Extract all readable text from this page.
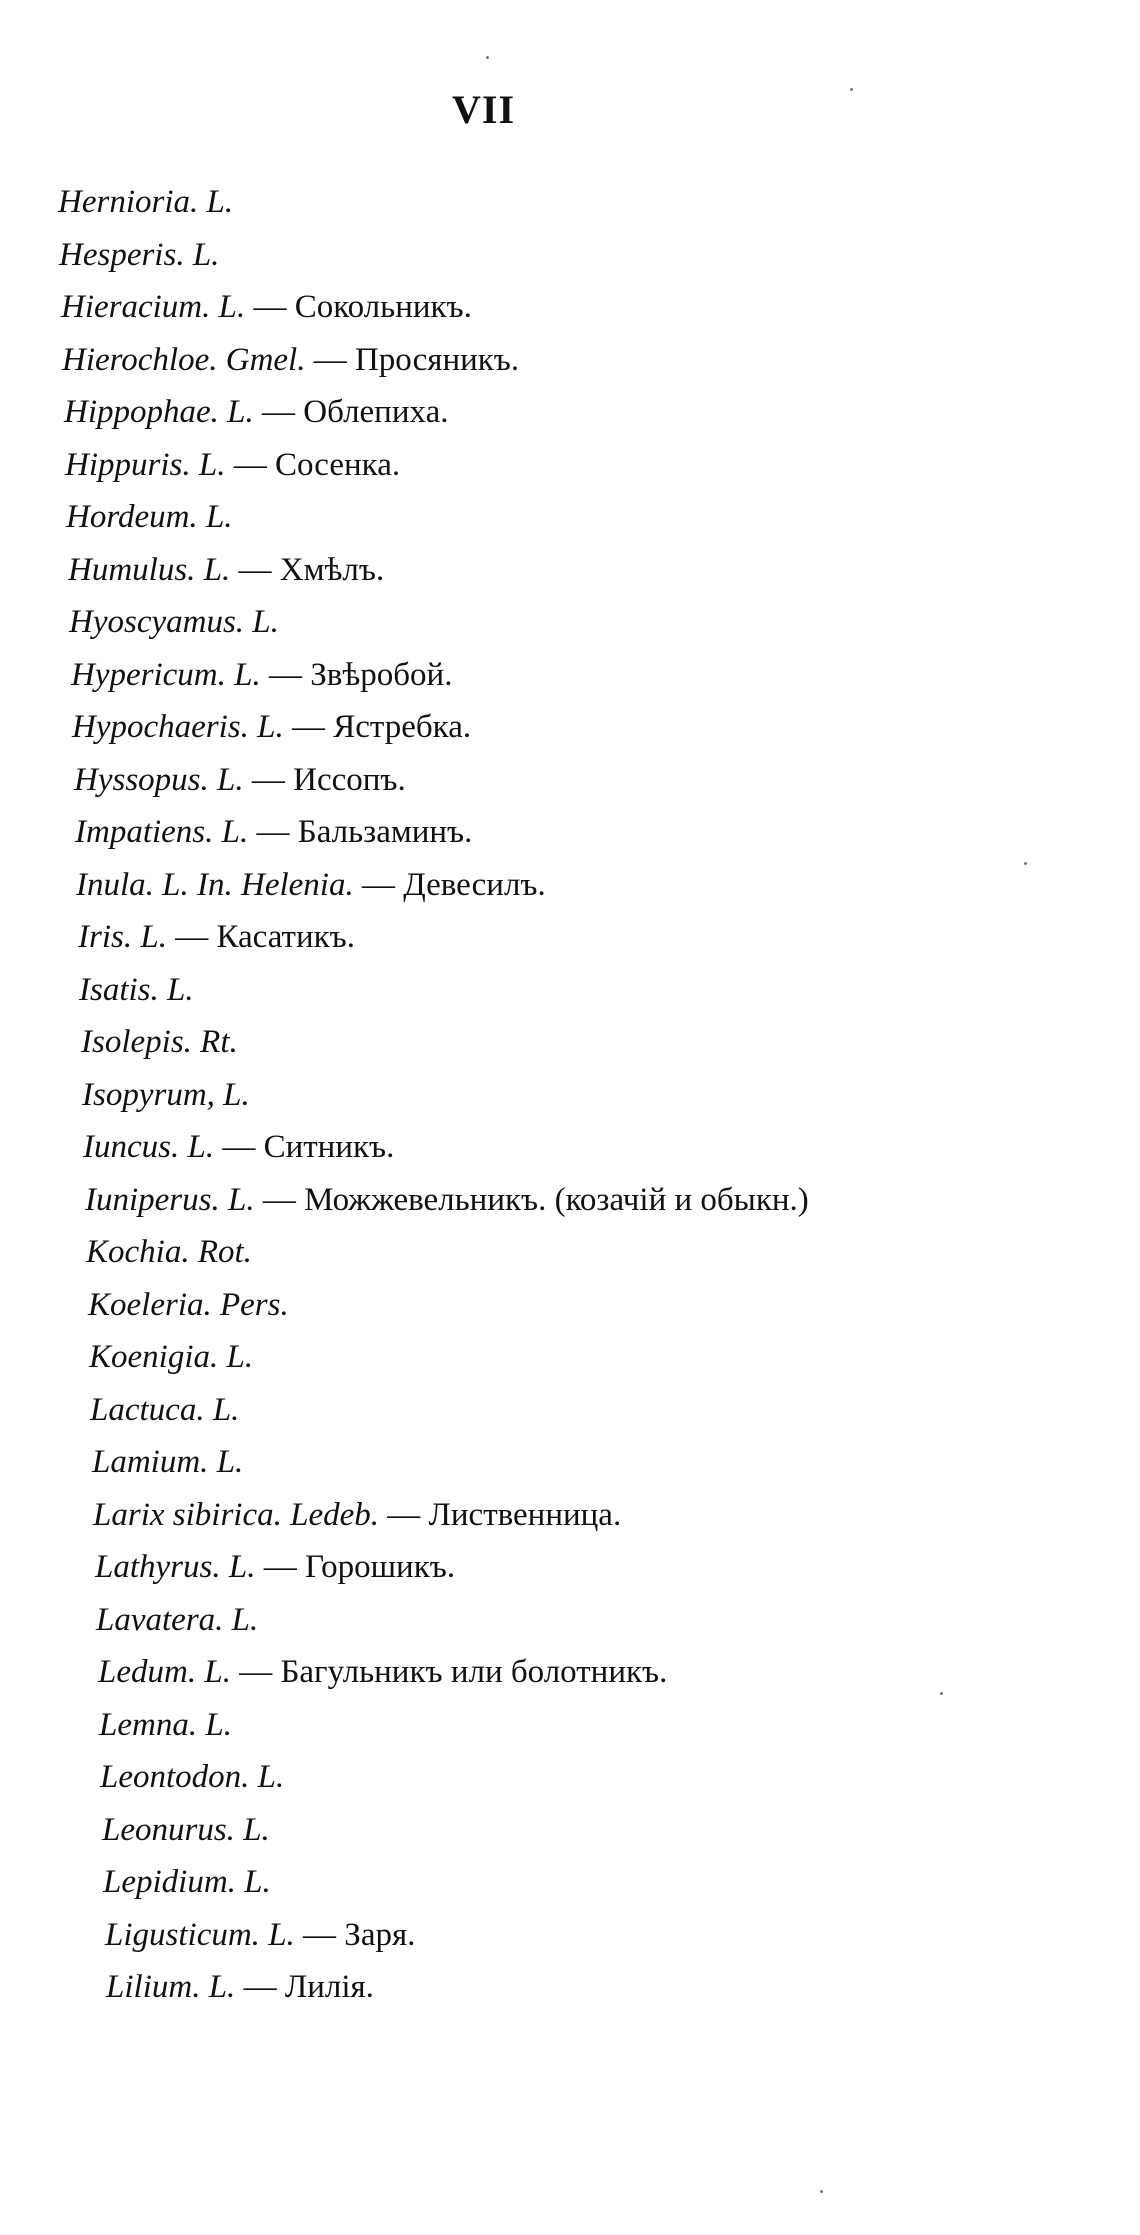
VII
Hernioria. L.
Hesperis. L.
Hieracium. L. — Сокольникъ.
Hierochloe. Gmel. — Просяникъ.
Hippophae. L. — Облепиха.
Hippuris. L. — Сосенка.
Hordeum. L.
Humulus. L. — Хмѣлъ.
Hyoscyamus. L.
Hypericum. L. — Звѣробой.
Hypochaeris. L. — Ястребка.
Hyssopus. L. — Иссопъ.
Impatiens. L. — Бальзаминъ.
Inula. L. In. Helenia. — Девесилъ.
Iris. L. — Касатикъ.
Isatis. L.
Isolepis. Rt.
Isopyrum, L.
Iuncus. L. — Ситникъ.
Iuniperus. L. — Можжевельникъ. (козачій и обыкн.)
Kochia. Rot.
Koeleria. Pers.
Koenigia. L.
Lactuca. L.
Lamium. L.
Larix sibirica. Ledeb. — Лиственница.
Lathyrus. L. — Горошикъ.
Lavatera. L.
Ledum. L. — Багульникъ или болотникъ.
Lemna. L.
Leontodon. L.
Leonurus. L.
Lepidium. L.
Ligusticum. L. — Заря.
Lilium. L. — Лилія.
